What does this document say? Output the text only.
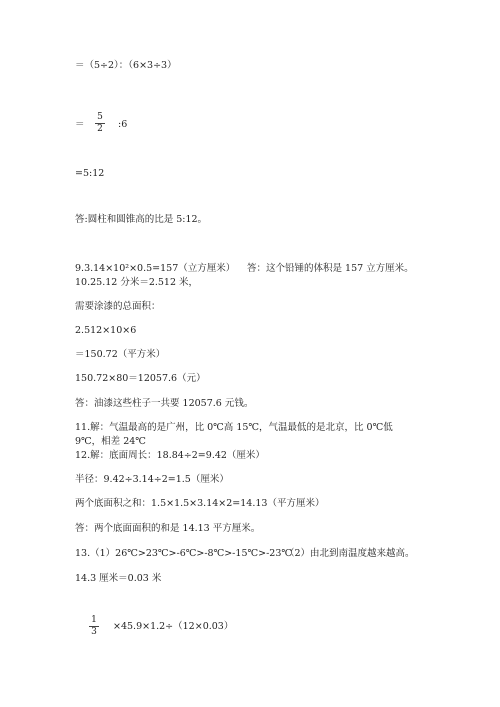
＝（5÷2）：（6×3÷3）
＝
5
2 :6
=5:12
答:圆柱和圆锥高的比是 5:12。
9.3.14×10²×0.5=157（立方厘米） 答：这个铅锤的体积是 157 立方厘米。
10.25.12 分米＝2.512 米，
需要涂漆的总面积：
2.512×10×6
＝150.72（平方米）
150.72×80＝12057.6（元）
答：油漆这些柱子一共要 12057.6 元钱。
11.解：气温最高的是广州，比 0℃高 15℃，气温最低的是北京，比 0℃低
9℃，相差 24℃
12.解：底面周长：18.84÷2=9.42（厘米）
半径：9.42÷3.14÷2=1.5（厘米）
两个底面积之和：1.5×1.5×3.14×2=14.13（平方厘米）
答：两个底面面积的和是 14.13 平方厘米。
13.（1）26℃>23℃>-6℃>-8℃>-15℃>-23℃
（2）由北到南温度越来越高。
14.3 厘米＝0.03 米
1
3 ×45.9×1.2÷（12×0.03）
